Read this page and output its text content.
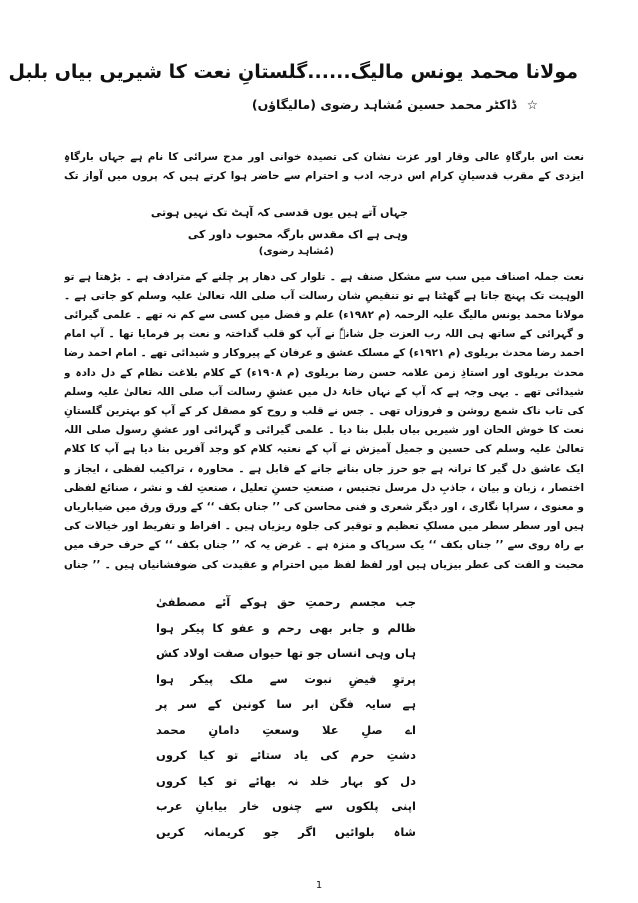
مولانا محمد یونس مالیگ......گلستانِ نعت کا شیریں بیاں بلبل
☆ ڈاکٹر محمد حسین مُشاہد رضوی (مالیگاؤں)

نعت اس بارگاہِ عالی وقار اور عزت نشان کی تصیدہ خوانی اور مدح سرائی کا نام ہے جہاں بارگاہِ ایزدی کے مقرب قدسیانِ کرام اس درجہ ادب و احترام سے حاضر ہوا کرتے ہیں کہ پروں میں آواز تک

جہاں آتے ہیں یوں قدسی کہ آہٹ تک نہیں ہوتی
وہی ہے اک مقدس بارگہ محبوب داور کی
(مُشاہد رضوی)

نعت جملہ اصناف میں سب سے مشکل صنف ہے ۔ تلوار کی دھار پر چلنے کے مترادف ہے ۔ بڑھتا ہے تو الوہیت تک پہنچ جاتا ہے گھٹتا ہے تو تنقیصِ شان رسالت آب صلی اللہ تعالیٰ علیہ وسلم کو جاتی ہے ۔

مولانا محمد یونس مالیگ علیہ الرحمہ (م ۱۹۸۲ء) علم و فضل میں کسی سے کم نہ تھے ۔ علمی گیرائی و گہرائی کے ساتھ ہی اللہ رب العزت جل شانہٗ نے آپ کو قلب گداختہ و نعت پر فرمایا تھا ۔ آپ امام احمد رضا محدث بریلوی (م ۱۹۲۱ء) کے مسلک عشق و عرفان کے پیروکار و شیدائی تھے ۔ امام احمد رضا محدث بریلوی اور استاذِ زمن علامہ حسن رضا بریلوی (م ۱۹۰۸ء) کے کلام بلاغت نظام کے دل دادہ و شیدائی تھے ۔ یہی وجہ ہے کہ آپ کے نہاں خانۂ دل میں عشقِ رسالت آب صلی اللہ تعالیٰ علیہ وسلم کی تاب ناک شمع روشن و فروزاں تھی ۔ جس نے قلب و روح کو مصقل کر کے آپ کو بہترین گلستانِ نعت کا خوش الحان اور شیریں بیاں بلبل بنا دیا ۔ علمی گیرائی و گہرائی اور عشقِ رسول صلی اللہ تعالیٰ علیہ وسلم کی حسین و جمیل آمیزش نے آپ کے نعتیہ کلام کو وجد آفریں بنا دیا ہے آپ کا کلام ایک عاشق دل گیر کا ترانہ ہے جو حرز جاں بنانے جانے کے قابل ہے ۔ محاورہ ، تراکیب لفظی ، ایجاز و اختصار ، زبان و بیان ، جاذبِ دل مرسل تجنیس ، صنعتِ حسنِ تعلیل ، صنعتِ لف و نشر ، صنائع لفظی و معنوی ، سراپا نگاری ، اور دیگر شعری و فنی محاسن کی ’’ جناں بکف ‘‘ کے ورق ورق میں ضیاباریاں ہیں اور سطر سطر میں مسلکِ تعظیم و توقیر کی جلوہ ریزیاں ہیں ۔ افراط و تفریط اور خیالات کی بے راہ روی سے ’’ جناں بکف ‘‘ یک سرپاک و منزہ ہے ۔ غرض یہ کہ ’’ جناں بکف ‘‘ کے حرف حرف میں محبت و الفت کی عطر بیزیاں ہیں اور لفظ لفظ میں احترام و عقیدت کی ضوفشانیاں ہیں ۔ ’’ جناں

جب مجسم رحمتِ حق ہوکے آئے مصطفیٰ
ظالم و جابر بھی رحم و عفو کا پیکر ہوا
ہاں وہی انساں جو تھا حیواں صفت اولاد کش
پرتوِ فیضِ نبوت سے ملک پیکر ہوا
ہے سایہ فگن ابر سا کونین کے سر پر
اے صلِ علا وسعتِ دامانِ محمد
دشتِ حرم کی یاد ستائے تو کیا کروں
دل کو بہار خلد نہ بھائے تو کیا کروں
اپنی پلکوں سے چنوں خار بیابانِ عرب
شاہ بلوائیں اگر جو کریمانہ کریں
1
